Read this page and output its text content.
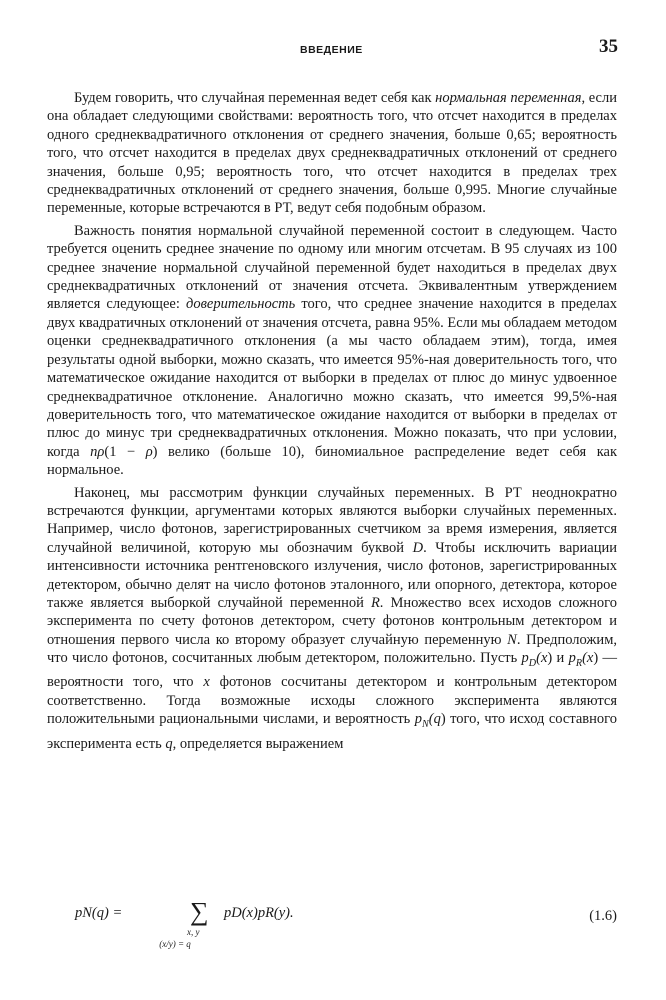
ВВЕДЕНИЕ	35

Будем говорить, что случайная переменная ведет себя как нормальная переменная, если она обладает следующими свойствами: вероятность того, что отсчет находится в пределах одного среднеквадратичного отклонения от среднего значения, больше 0,65; вероятность того, что отсчет находится в пределах двух среднеквадратичных отклонений от среднего значения, больше 0,95; вероятность того, что отсчет находится в пределах трех среднеквадратичных отклонений от среднего значения, больше 0,995. Многие случайные переменные, которые встречаются в РТ, ведут себя подобным образом.

Важность понятия нормальной случайной переменной состоит в следующем. Часто требуется оценить среднее значение по одному или многим отсчетам. В 95 случаях из 100 среднее значение нормальной случайной переменной будет находиться в пределах двух среднеквадратичных отклонений от значения отсчета. Эквивалентным утверждением является следующее: доверительность того, что среднее значение находится в пределах двух квадратичных отклонений от значения отсчета, равна 95%. Если мы обладаем методом оценки среднеквадратичного отклонения (а мы часто обладаем этим), тогда, имея результаты одной выборки, можно сказать, что имеется 95%-ная доверительность того, что математическое ожидание находится от выборки в пределах от плюс до минус удвоенное среднеквадратичное отклонение. Аналогично можно сказать, что имеется 99,5%-ная доверительность того, что математическое ожидание находится от выборки в пределах от плюс до минус три среднеквадратичных отклонения. Можно показать, что при условии, когда nρ(1 − ρ) велико (больше 10), биномиальное распределение ведет себя как нормальное.

Наконец, мы рассмотрим функции случайных переменных. В РТ неоднократно встречаются функции, аргументами которых являются выборки случайных переменных. Например, число фотонов, зарегистрированных счетчиком за время измерения, является случайной величиной, которую мы обозначим буквой D. Чтобы исключить вариации интенсивности источника рентгеновского излучения, число фотонов, зарегистрированных детектором, обычно делят на число фотонов эталонного, или опорного, детектора, которое также является выборкой случайной переменной R. Множество всех исходов сложного эксперимента по счету фотонов детектором, счету фотонов контрольным детектором и отношения первого числа ко второму образует случайную переменную N. Предположим, что число фотонов, сосчитанных любым детектором, положительно. Пусть $p_D(x)$ и $p_R(x)$ — вероятности того, что x фотонов сосчитаны детектором и контрольным детектором соответственно. Тогда возможные исходы сложного эксперимента являются положительными рациональными числами, и вероятность $p_N(q)$ того, что исход составного эксперимента есть q, определяется выражением

pN(q) =	∑
x, y
(x/y) = q
pD(x)pR(y).	(1.6)
